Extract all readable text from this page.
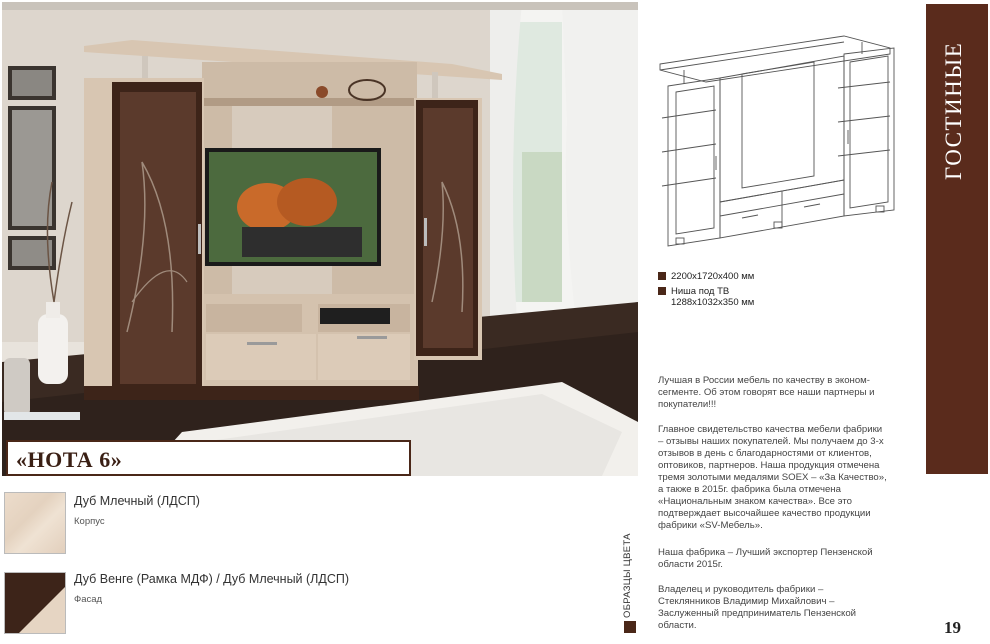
«НОТА 6»
Дуб Млечный (ЛДСП)
Корпус
Дуб Венге (Рамка МДФ) / Дуб Млечный (ЛДСП)
Фасад	ОБРАЗЦЫ ЦВЕТА
ГОСТИНЫЕ
2200х1720х400 мм
Ниша под ТВ
1288х1032х350 мм
Лучшая в России мебель по качеству в эконом-
сегменте. Об этом говорят все наши партнеры и
покупатели!!!
Главное свидетельство качества мебели фабрики
– отзывы наших покупателей. Мы получаем до 3-х
отзывов в день с благодарностями от клиентов,
оптовиков, партнеров. Наша продукция отмечена
тремя золотыми медалями SOEX – «За Качество»,
а также в 2015г. фабрика была отмечена
«Национальным знаком качества». Все это
подтверждает высочайшее качество продукции
фабрики «SV-Мебель».
Наша фабрика – Лучший экспортер Пензенской
области 2015г.
Владелец и руководитель фабрики –
Стеклянников Владимир Михайлович –
Заслуженный предприниматель Пензенской
области.	19
